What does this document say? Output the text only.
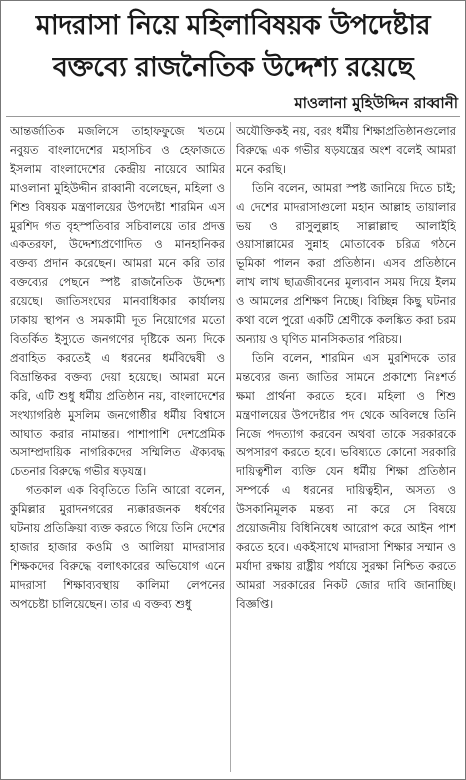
মাদরাসা নিয়ে মহিলাবিষয়ক উপদেষ্টার
বক্তব্যে রাজনৈতিক উদ্দেশ্য রয়েছে
মাওলানা মুহিউদ্দিন রাব্বানী

আন্তর্জাতিক মজলিসে তাহাফফুজে খতমে নবুয়ত বাংলাদেশের মহাসচিব ও হেফাজতে ইসলাম বাংলাদেশের কেন্দ্রীয় নায়েবে আমির মাওলানা মুহিউদ্দীন রাব্বানী বলেছেন, মহিলা ও শিশু বিষয়ক মন্ত্রণালয়ের উপদেষ্টা শারমিন এস মুরশিদ গত বৃহস্পতিবার সচিবালয়ে তার প্রদত্ত একতরফা, উদ্দেশ্যপ্রণোদিত ও মানহানিকর বক্তব্য প্রদান করেছেন। আমরা মনে করি তার বক্তব্যের পেছনে স্পষ্ট রাজনৈতিক উদ্দেশ্য রয়েছে। জাতিসংঘের মানবাধিকার কার্যালয় ঢাকায় স্থাপন ও সমকামী দূত নিয়োগের মতো বিতর্কিত ইস্যুতে জনগণের দৃষ্টিকে অন্য দিকে প্রবাহিত করতেই এ ধরনের ধর্মবিদ্বেষী ও বিভ্রান্তিকর বক্তব্য দেয়া হয়েছে। আমরা মনে করি, এটি শুধু ধর্মীয় প্রতিষ্ঠান নয়, বাংলাদেশের সংখ্যাগরিষ্ঠ মুসলিম জনগোষ্ঠীর ধর্মীয় বিশ্বাসে আঘাত করার নামান্তর। পাশাপাশি দেশপ্রেমিক অসাম্প্রদায়িক নাগরিকদের সম্মিলিত ঐক্যবদ্ধ চেতনার বিরুদ্ধে গভীর ষড়যন্ত্র।

গতকাল এক বিবৃতিতে তিনি আরো বলেন, কুমিল্লার মুরাদনগরের ন্যক্কারজনক ধর্ষণের ঘটনায় প্রতিক্রিয়া ব্যক্ত করতে গিয়ে তিনি দেশের হাজার হাজার কওমি ও আলিয়া মাদরাসার শিক্ষকদের বিরুদ্ধে বলাৎকারের অভিযোগ এনে মাদরাসা শিক্ষাব্যবস্থায় কালিমা লেপনের অপচেষ্টা চালিয়েছেন। তার এ বক্তব্য শুধু

অযৌক্তিকই নয়, বরং ধর্মীয় শিক্ষাপ্রতিষ্ঠানগুলোর বিরুদ্ধে এক গভীর ষড়যন্ত্রের অংশ বলেই আমরা মনে করছি।

তিনি বলেন, আমরা স্পষ্ট জানিয়ে দিতে চাই; এ দেশের মাদরাসাগুলো মহান আল্লাহ তায়ালার ভয় ও রাসুলুল্লাহ সাল্লাল্লাহু আলাইহি ওয়াসাল্লামের সুন্নাহ মোতাবেক চরিত্র গঠনে ভূমিকা পালন করা প্রতিষ্ঠান। এসব প্রতিষ্ঠানে লাখ লাখ ছাত্রজীবনের মূল্যবান সময় দিয়ে ইলম ও আমলের প্রশিক্ষণ নিচ্ছে। বিচ্ছিন্ন কিছু ঘটনার কথা বলে পুরো একটি শ্রেণীকে কলঙ্কিত করা চরম অন্যায় ও ঘৃণিত মানসিকতার পরিচয়।

তিনি বলেন, শারমিন এস মুরশিদকে তার মন্তব্যের জন্য জাতির সামনে প্রকাশ্যে নিঃশর্ত ক্ষমা প্রার্থনা করতে হবে। মহিলা ও শিশু মন্ত্রণালয়ের উপদেষ্টার পদ থেকে অবিলম্বে তিনি নিজে পদত্যাগ করবেন অথবা তাকে সরকারকে অপসারণ করতে হবে। ভবিষ্যতে কোনো সরকারি দায়িত্বশীল ব্যক্তি যেন ধর্মীয় শিক্ষা প্রতিষ্ঠান সম্পর্কে এ ধরনের দায়িত্বহীন, অসত্য ও উসকানিমূলক মন্তব্য না করে সে বিষয়ে প্রয়োজনীয় বিধিনিষেধ আরোপ করে আইন পাশ করতে হবে। একইসাথে মাদরাসা শিক্ষার সম্মান ও মর্যাদা রক্ষায় রাষ্ট্রীয় পর্যায়ে সুরক্ষা নিশ্চিত করতে আমরা সরকারের নিকট জোর দাবি জানাচ্ছি। বিজ্ঞপ্তি।
